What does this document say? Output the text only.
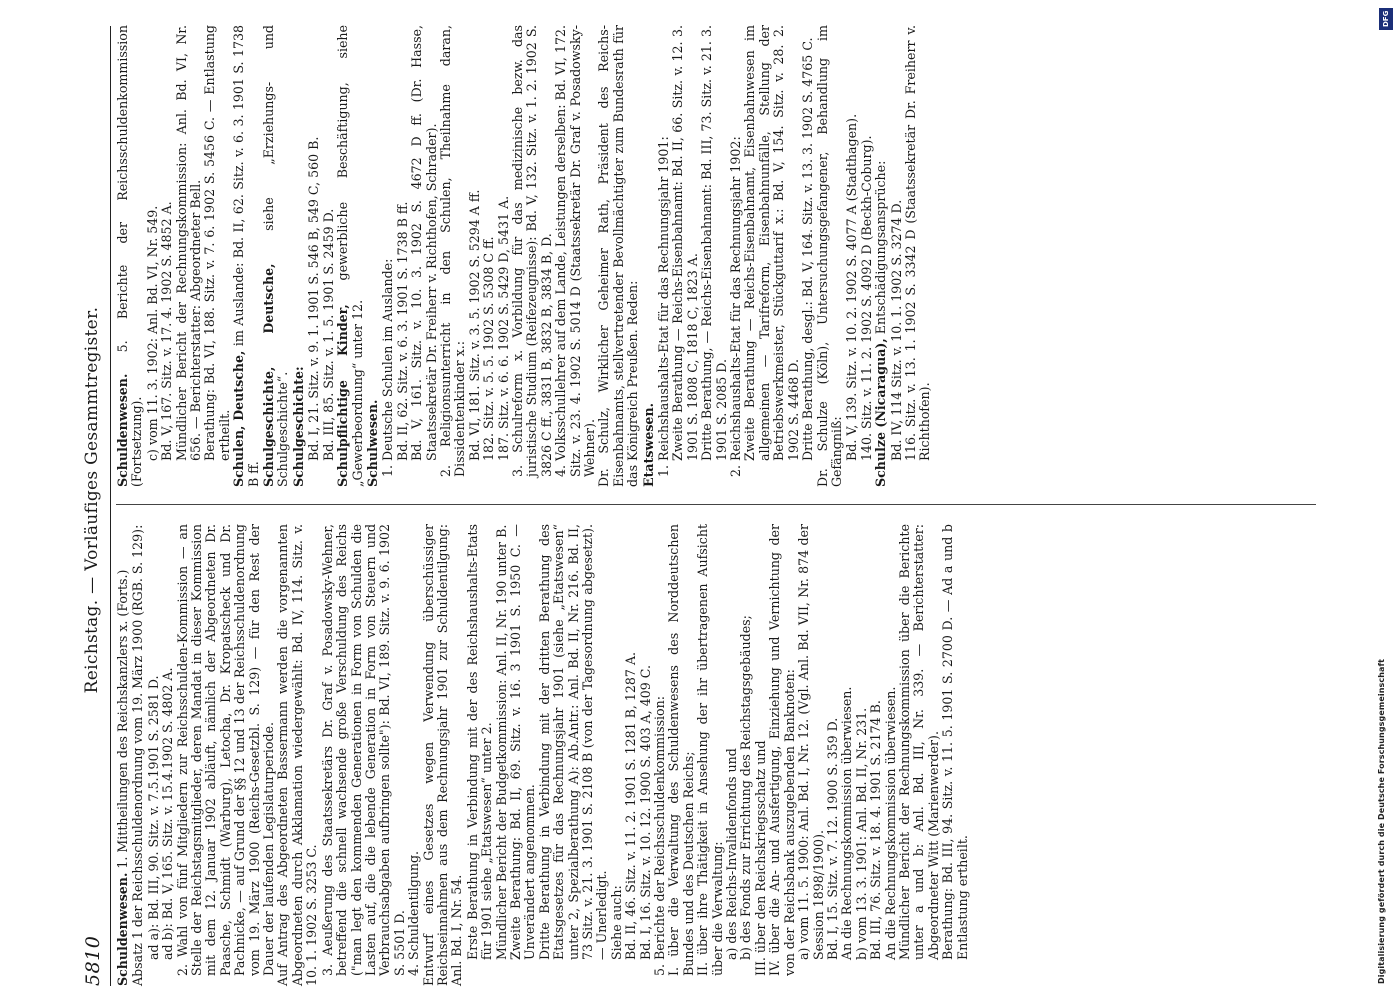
5810
Reichstag. — Vorläufiges Gesammtregister.

Schuldenwesen. 1. Mittheilungen des Reichskanzlers x. (Forts.) Absatz 1 der Reichsschuldenordnung vom 19. März 1900 (RGB. S. 129): ad a): Bd. III, 90. Sitz. v. 7.5.1901 S. 2581 D. ad b): Bd. V, 165. Sitz. v. 15.4.1902 S. 4802 A. 2. Wahl von fünf Mitgliedern zur Reichsschulden-Kommission — an Stelle der Reichstagsmitglieder, deren Mandat in dieser Kommission mit dem 12. Januar 1902 abläuft, nämlich der Abgeordneten Dr. Paasche, Schmidt (Warburg), Letocha, Dr. Kropatscheck und Dr. Pachnicke, — auf Grund der §§ 12 und 13 der Reichsschuldenordnung vom 19. März 1900 (Reichs-Gesetzbl. S. 129) — für den Rest der Dauer der laufenden Legislaturperiode. Auf Antrag des Abgeordneten Bassermann werden die vorgenannten Abgeordneten durch Akklamation wiedergewählt: Bd. IV, 114. Sitz. v. 10. 1. 1902 S. 3253 C. 3. Aeußerung des Staatssekretärs Dr. Graf v. Posadowsky-Wehner, betreffend die schnell wachsende große Verschuldung des Reichs ("man legt den kommenden Generationen in Form von Schulden die Lasten auf, die die lebende Generation in Form von Steuern und Verbrauchsabgaben aufbringen sollte"): Bd. VI, 189. Sitz. v. 9. 6. 1902 S. 5501 D. 4. Schuldentilgung. Entwurf eines Gesetzes wegen Verwendung überschüssiger Reichseinnahmen aus dem Rechnungsjahr 1901 zur Schuldentilgung: Anl. Bd. I, Nr. 54. Erste Berathung in Verbindung mit der des Reichshaushalts-Etats für 1901 siehe „Etatswesen“ unter 2. Mündlicher Bericht der Budgetkommission: Anl. II, Nr. 190 unter B. Zweite Berathung: Bd. II, 69. Sitz. v. 16. 3 1901 S. 1950 C. — Unverändert angenommen. Dritte Berathung in Verbindung mit der dritten Berathung des Etatsgesetzes für das Rechnungsjahr 1901 (siehe „Etatswesen“ unter 2, Spezialberathung A): Ab.Antr.: Anl. Bd. II, Nr. 216. Bd. II, 73 Sitz. v. 21. 3. 1901 S. 2108 B (von der Tagesordnung abgesetzt). — Unerledigt. Siehe auch: Bd. II, 46. Sitz. v. 11. 2. 1901 S. 1281 B, 1287 A. Bd. I, 16. Sitz. v. 10. 12. 1900 S. 403 A, 409 C. 5. Berichte der Reichsschuldenkommission: I. über die Verwaltung des Schuldenwesens des Norddeutschen Bundes und des Deutschen Reichs; II. über ihre Thätigkeit in Ansehung der ihr übertragenen Aufsicht über die Verwaltung: a) des Reichs-Invalidenfonds und b) des Fonds zur Errichtung des Reichstagsgebäudes; III. über den Reichskriegsschatz und IV. über die An- und Ausfertigung, Einziehung und Vernichtung der von der Reichsbank auszugebenden Banknoten: a) vom 11. 5. 1900: Anl. Bd. I, Nr. 12. (Vgl. Anl. Bd. VII, Nr. 874 der Session 1898/1900). Bd. I, 15. Sitz. v. 7. 12. 1900 S. 359 D. An die Rechnungskommission überwiesen. b) vom 13. 3. 1901: Anl. Bd. II, Nr. 231. Bd. III, 76. Sitz. v. 18. 4. 1901 S. 2174 B. An die Rechnungskommission überwiesen. Mündlicher Bericht der Rechnungskommission über die Berichte unter a und b: Anl. Bd. III, Nr. 339. — Berichterstatter: Abgeordneter Witt (Marienwerder). Berathung: Bd. III, 94. Sitz. v. 11. 5. 1901 S. 2700 D. — Ad a und b Entlastung ertheilt.

Schuldenwesen. 5. Berichte der Reichsschuldenkommission (Fortsetzung). c) vom 11. 3. 1902: Anl. Bd. VI, Nr. 549. Bd. V, 167. Sitz. v. 17. 4. 1902 S. 4852 A. Mündlicher Bericht der Rechnungskommission: Anl. Bd. VI, Nr. 656. — Berichterstatter: Abgeordneter Bell. Berathung: Bd. VI, 188. Sitz. v. 7. 6. 1902 S. 5456 C. — Entlastung ertheilt. Schulen, Deutsche, im Auslande: Bd. II, 62. Sitz. v. 6. 3. 1901 S. 1738 B ff. Schulgeschichte, Deutsche, siehe „Erziehungs- und Schulgeschichte“. Schulgeschichte: Bd. I, 21. Sitz. v. 9. 1. 1901 S. 546 B, 549 C, 560 B. Bd. III, 85. Sitz. v. 1. 5. 1901 S. 2459 D. Schulpflichtige Kinder, gewerbliche Beschäftigung, siehe „Gewerbeordnung“ unter 12. Schulwesen. 1. Deutsche Schulen im Auslande: Bd. II, 62. Sitz. v. 6. 3. 1901 S. 1738 B ff. Bd. V, 161. Sitz. v. 10. 3. 1902 S. 4672 D ff. (Dr. Hasse, Staatssekretär Dr. Freiherr v. Richthofen, Schrader). 2. Religionsunterricht in den Schulen, Theilnahme daran, Dissidentenkinder x.: Bd. VI, 181. Sitz. v. 3. 5. 1902 S. 5294 A ff. 182. Sitz. v. 5. 5. 1902 S. 5308 C ff. 187. Sitz. v. 6. 6. 1902 S. 5429 D, 5431 A. 3. Schulreform x. Vorbildung für das medizinische bezw. das juristische Studium (Reifezeugnisse): Bd. V, 132. Sitz. v. 1. 2. 1902 S. 3826 C ff., 3831 B, 3832 B, 3834 B, D. 4. Volksschullehrer auf dem Lande, Leistungen derselben: Bd. VI, 172. Sitz. v. 23. 4. 1902 S. 5014 D (Staatssekretär Dr. Graf v. Posadowsky-Wehner). Dr. Schulz, Wirklicher Geheimer Rath, Präsident des Reichs-Eisenbahnamts, stellvertretender Bevollmächtigter zum Bundesrath für das Königreich Preußen. Reden: Etatswesen. 1. Reichshaushalts-Etat für das Rechnungsjahr 1901: Zweite Berathung — Reichs-Eisenbahnamt: Bd. II, 66. Sitz. v. 12. 3. 1901 S. 1808 C, 1818 C, 1823 A. Dritte Berathung, — Reichs-Eisenbahnamt: Bd. III, 73. Sitz. v. 21. 3. 1901 S. 2085 D. 2. Reichshaushalts-Etat für das Rechnungsjahr 1902: Zweite Berathung — Reichs-Eisenbahnamt, Eisenbahnwesen im allgemeinen — Tarifreform, Eisenbahnunfälle, Stellung der Betriebswerkmeister, Stückguttarif x.: Bd. V, 154. Sitz. v. 28. 2. 1902 S. 4468 D. Dritte Berathung, desgl.: Bd. V, 164. Sitz. v. 13. 3. 1902 S. 4765 C. Dr. Schulze (Köln), Untersuchungsgefangener, Behandlung im Gefängniß: Bd. V, 139. Sitz. v. 10. 2. 1902 S. 4077 A (Stadthagen). 140. Sitz. v. 11. 2. 1902 S. 4092 D (Beckh-Coburg). Schulze (Nicaragua), Entschädigungsansprüche: Bd. IV, 114 Sitz. v. 10. 1. 1902 S. 3274 D. 116. Sitz. v. 13. 1. 1902 S. 3342 D (Staatssekretär Dr. Freiherr v. Richthofen).

DFG
Digitalisierung gefördert durch die Deutsche Forschungsgemeinschaft
